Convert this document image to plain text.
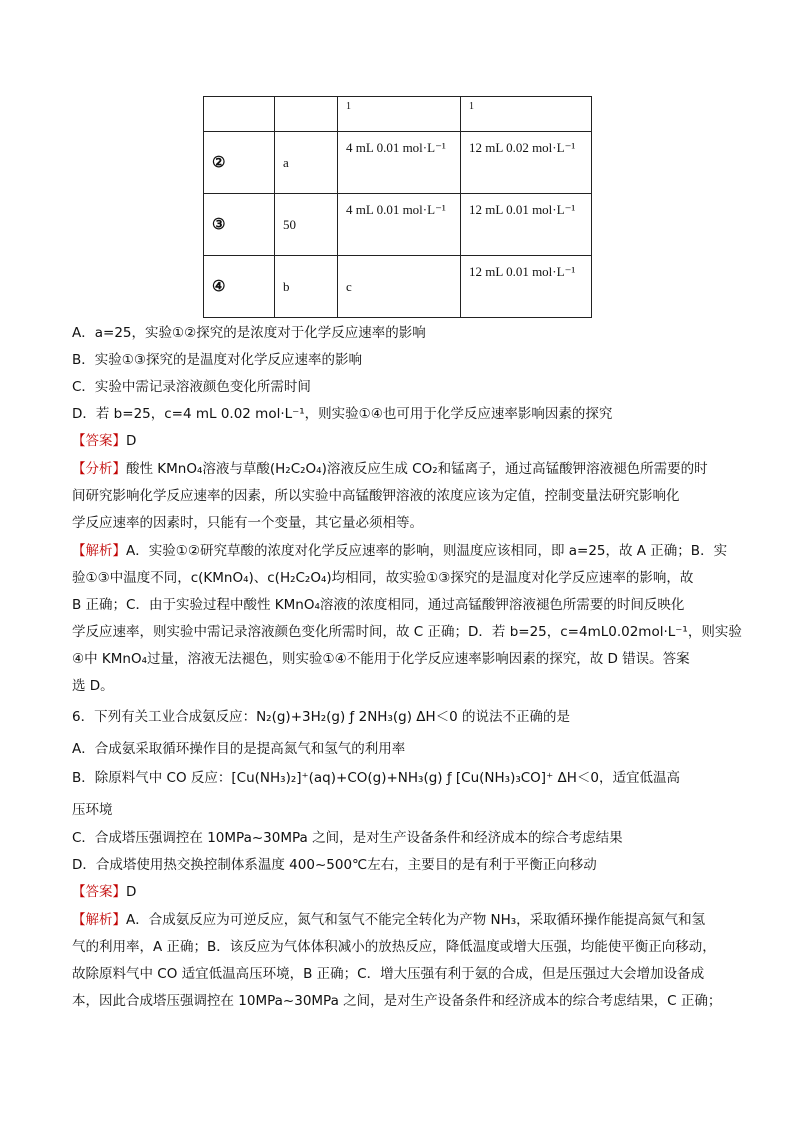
		1	1

②	a	4 mL 0.01 mol·L⁻¹	12 mL 0.02 mol·L⁻¹

③	50	4 mL 0.01 mol·L⁻¹	12 mL 0.01 mol·L⁻¹

④	b	c	12 mL 0.01 mol·L⁻¹
A．a=25，实验①②探究的是浓度对于化学反应速率的影响
B．实验①③探究的是温度对化学反应速率的影响
C．实验中需记录溶液颜色变化所需时间
D．若 b=25，c=4 mL 0.02 mol·L⁻¹，则实验①④也可用于化学反应速率影响因素的探究
【答案】D
【分析】酸性 KMnO₄溶液与草酸(H₂C₂O₄)溶液反应生成 CO₂和锰离子，通过高锰酸钾溶液褪色所需要的时
间研究影响化学反应速率的因素，所以实验中高锰酸钾溶液的浓度应该为定值，控制变量法研究影响化
学反应速率的因素时，只能有一个变量，其它量必须相等。
【解析】A．实验①②研究草酸的浓度对化学反应速率的影响，则温度应该相同，即 a=25，故 A 正确；B．实
验①③中温度不同，c(KMnO₄)、c(H₂C₂O₄)均相同，故实验①③探究的是温度对化学反应速率的影响，故
B 正确；C．由于实验过程中酸性 KMnO₄溶液的浓度相同，通过高锰酸钾溶液褪色所需要的时间反映化
学反应速率，则实验中需记录溶液颜色变化所需时间，故 C 正确；D．若 b=25，c=4mL0.02mol·L⁻¹，则实验
④中 KMnO₄过量，溶液无法褪色，则实验①④不能用于化学反应速率影响因素的探究，故 D 错误。答案
选 D。
6．下列有关工业合成氨反应：N₂(g)+3H₂(g) ƒ 2NH₃(g) ΔH＜0 的说法不正确的是
A．合成氨采取循环操作目的是提高氮气和氢气的利用率
B．除原料气中 CO 反应：[Cu(NH₃)₂]⁺(aq)+CO(g)+NH₃(g) ƒ [Cu(NH₃)₃CO]⁺ ΔH＜0，适宜低温高
压环境
C．合成塔压强调控在 10MPa~30MPa 之间，是对生产设备条件和经济成本的综合考虑结果
D．合成塔使用热交换控制体系温度 400~500℃左右，主要目的是有利于平衡正向移动
【答案】D
【解析】A．合成氨反应为可逆反应，氮气和氢气不能完全转化为产物 NH₃，采取循环操作能提高氮气和氢
气的利用率，A 正确；B．该反应为气体体积减小的放热反应，降低温度或增大压强，均能使平衡正向移动，
故除原料气中 CO 适宜低温高压环境，B 正确；C．增大压强有利于氨的合成，但是压强过大会增加设备成
本，因此合成塔压强调控在 10MPa~30MPa 之间，是对生产设备条件和经济成本的综合考虑结果，C 正确；
